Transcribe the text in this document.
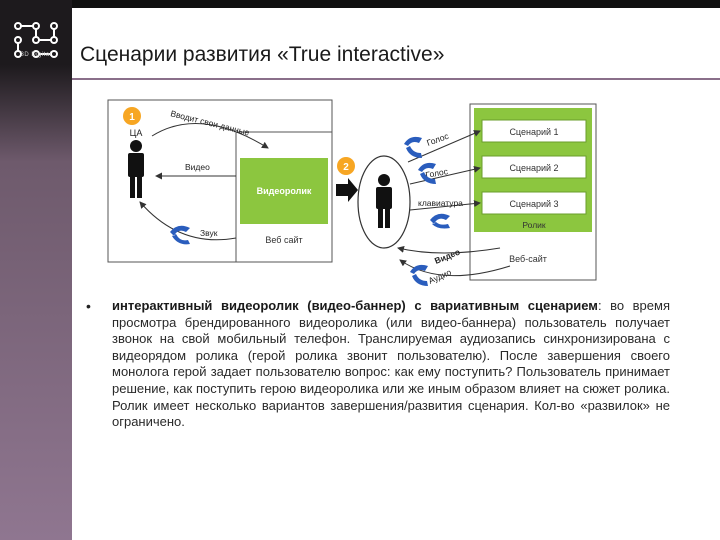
3D Digital	Сценарии развития «True interactive»
Видеоролик
Веб сайт
1
ЦА	Вводит свои данные
Видео
Звук
2
Сценарий 1
Сценарий 2
Сценарий 3
Ролик
Веб-сайт
Голос
Голос
клавиатура
Видео
Аудио
• интерактивный видеоролик (видео-баннер) с вариативным сценарием: во время просмотра брендированного видеоролика (или видео-баннера) пользователь получает звонок на свой мобильный телефон. Транслируемая аудиозапись синхронизирована с видеорядом ролика (герой ролика звонит пользователю). После завершения своего монолога герой задает пользователю вопрос: как ему поступить? Пользователь принимает решение, как поступить герою видеоролика или же иным образом влияет на сюжет ролика. Ролик имеет несколько вариантов завершения/развития сценария. Кол-во «развилок» не ограничено.
